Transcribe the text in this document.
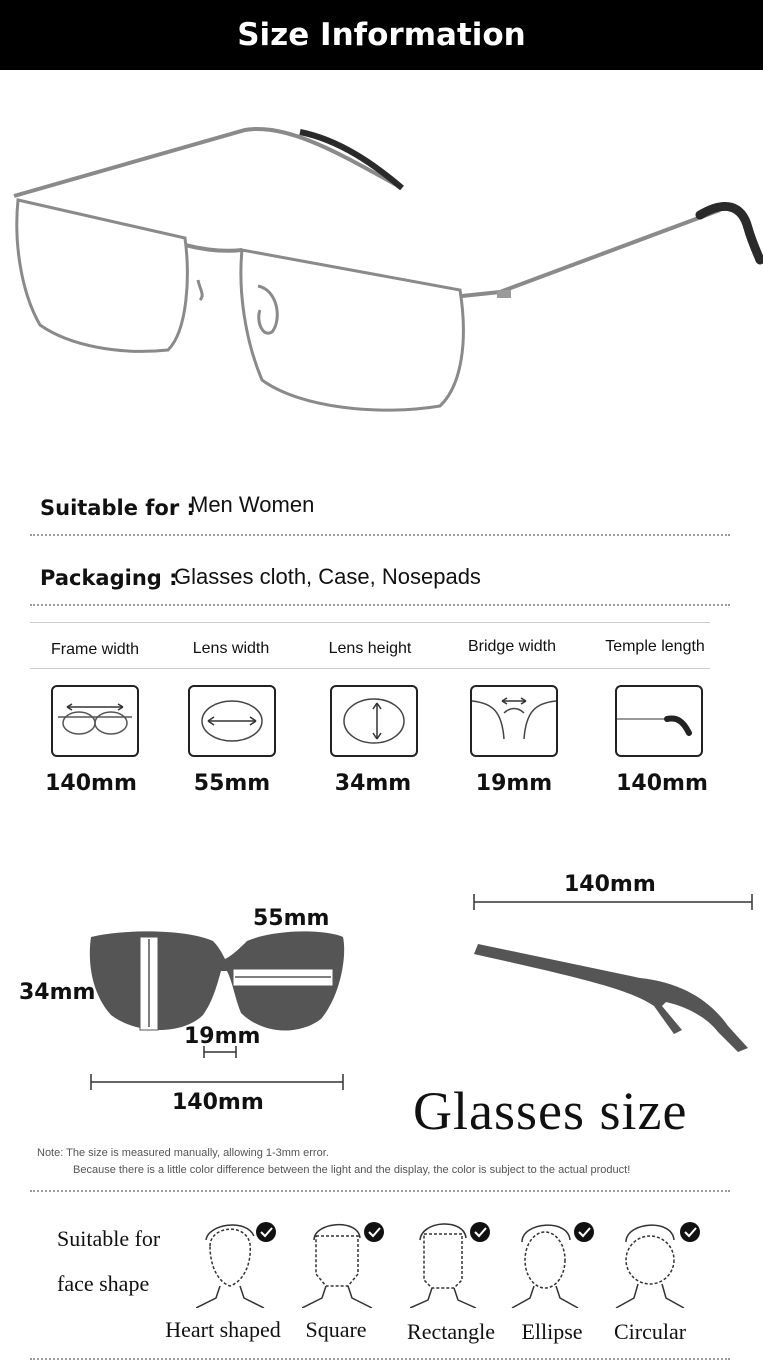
Size Information
Suitable for :
Men Women
Packaging :
Glasses cloth, Case, Nosepads
Frame width	Lens width	Lens height	Bridge width	Temple length
140mm	55mm	34mm	19mm	140mm
55mm
34mm
19mm
140mm
140mm
Glasses size
Note: The size is measured manually, allowing 1-3mm error.
Because there is a little color difference between the light and the display, the color is subject to the actual product!
Suitable for
face shape
Heart shaped	Square	Rectangle	Ellipse	Circular
